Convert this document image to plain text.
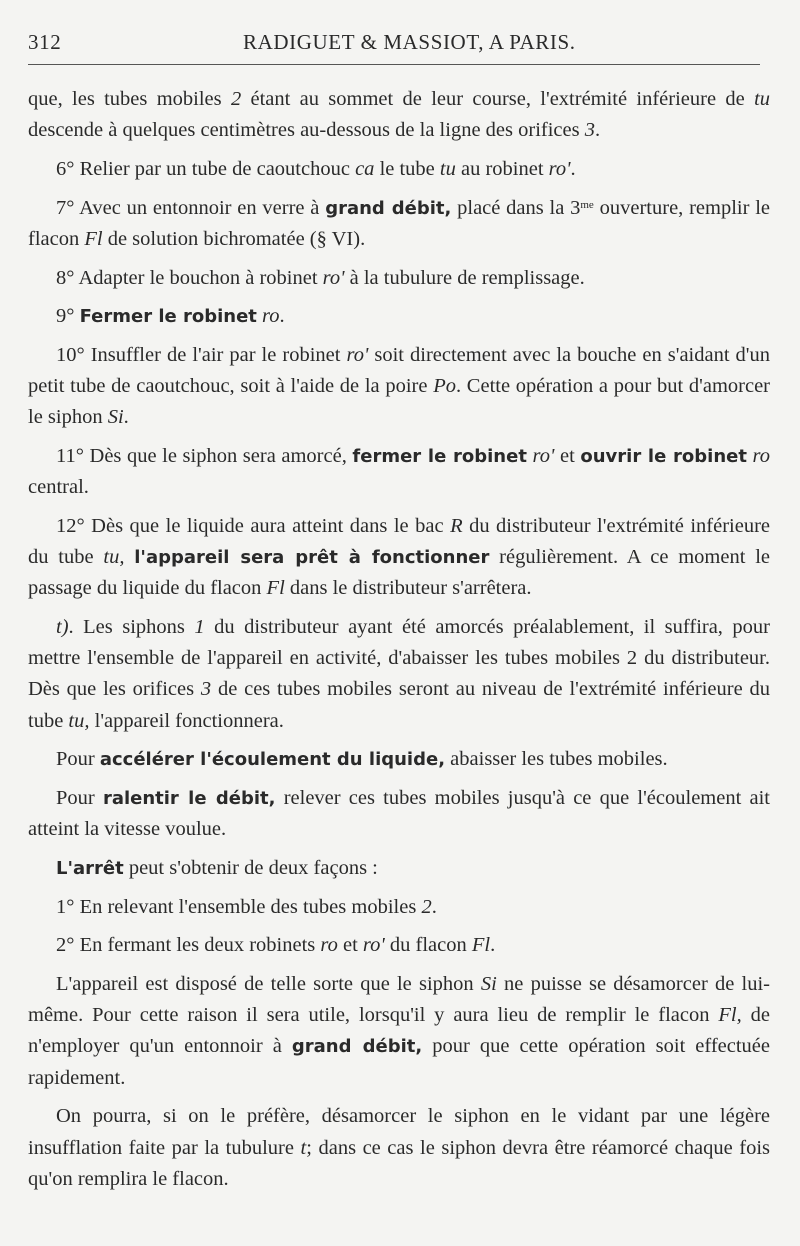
312	RADIGUET & MASSIOT, A PARIS.

que, les tubes mobiles 2 étant au sommet de leur course, l'extrémité inférieure de tu descende à quelques centimètres au-dessous de la ligne des orifices 3.

6° Relier par un tube de caoutchouc ca le tube tu au robinet ro'.

7° Avec un entonnoir en verre à grand débit, placé dans la $3^{me}$ ouverture, remplir le flacon Fl de solution bichromatée (§ VI).

8° Adapter le bouchon à robinet ro' à la tubulure de remplissage.

9° Fermer le robinet ro.

10° Insuffler de l'air par le robinet ro' soit directement avec la bouche en s'aidant d'un petit tube de caoutchouc, soit à l'aide de la poire Po. Cette opération a pour but d'amorcer le siphon Si.

11° Dès que le siphon sera amorcé, fermer le robinet ro' et ouvrir le robinet ro central.

12° Dès que le liquide aura atteint dans le bac R du distributeur l'extrémité inférieure du tube tu, l'appareil sera prêt à fonctionner régulièrement. A ce moment le passage du liquide du flacon Fl dans le distributeur s'arrêtera.

t). Les siphons 1 du distributeur ayant été amorcés préalablement, il suffira, pour mettre l'ensemble de l'appareil en activité, d'abaisser les tubes mobiles 2 du distributeur. Dès que les orifices 3 de ces tubes mobiles seront au niveau de l'extrémité inférieure du tube tu, l'appareil fonctionnera.

Pour accélérer l'écoulement du liquide, abaisser les tubes mobiles.

Pour ralentir le débit, relever ces tubes mobiles jusqu'à ce que l'écoulement ait atteint la vitesse voulue.

L'arrêt peut s'obtenir de deux façons :

1° En relevant l'ensemble des tubes mobiles 2.

2° En fermant les deux robinets ro et ro' du flacon Fl.

L'appareil est disposé de telle sorte que le siphon Si ne puisse se désamorcer de lui-même. Pour cette raison il sera utile, lorsqu'il y aura lieu de remplir le flacon Fl, de n'employer qu'un entonnoir à grand débit, pour que cette opération soit effectuée rapidement.

On pourra, si on le préfère, désamorcer le siphon en le vidant par une légère insufflation faite par la tubulure t; dans ce cas le siphon devra être réamorcé chaque fois qu'on remplira le flacon.
